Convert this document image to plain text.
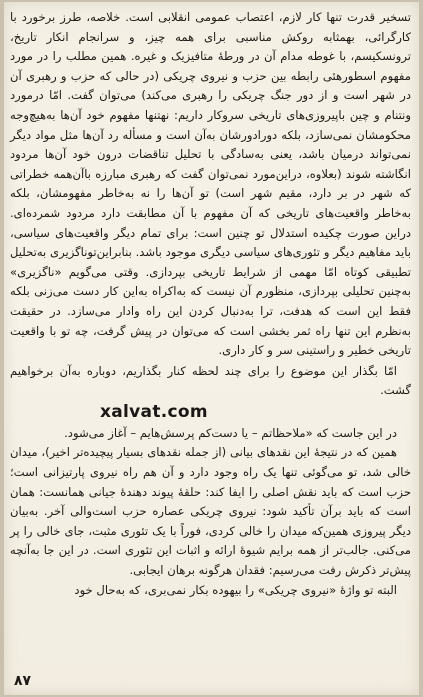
تسخیر قدرت تنها کار لازم، اعتصاب عمومی انقلابی است. خلاصه، طرز برخورد با کارگرائی، بهمثابه روکش مناسبی برای همه چیز، و سرانجام انکار تاریخ، ترونسکیسم، با غوطه مدام آن در ورطهٔ متافیزیک و غیره. همین مطلب را در مورد مفهوم اسطورهئی رابطه بین حزب و نیروی چریکی (در حالی که حزب و رهبری آن در شهر است و از دور جنگ چریکی را رهبری می‌کند) می‌توان گفت. امّا درمورد ونتنام و چین باپیروزی‌های تاریخی سروکار داریم: نهتنها مفهوم خود آن‌ها به‌هیچ‌وجه محکومشان نمی‌سازد، بلکه دورادورشان به‌آن است و مسأله رد آن‌ها مثل مواد دیگر نمی‌تواند درمیان باشد، یعنی به‌سادگی با تحلیل تناقضات درون خود آن‌ها مردود انگاشته شوند (بعلاوه، دراین‌مورد نمی‌توان گفت که رهبری مبارزه باآن‌همه خطراتی که شهر در بر دارد، مقیم شهر است) تو آن‌ها را نه به‌خاطر مفهومشان، بلکه به‌خاطر واقعیت‌های تاریخی که آن مفهوم با آن مطابقت دارد مردود شمرده‌ای. دراین صورت چکیده استدلال تو چنین است: برای تمام دیگر واقعیت‌های سیاسی، باید مفاهیم دیگر و تئوری‌های سیاسی دیگری موجود باشد. بنابراین‌تونا‌گزیری به‌تحلیل تطبیقی کوتاه امّا مهمی از شرایط تاریخی بپردازی. وقتی می‌گویم «ناگزیری» به‌چنین تحلیلی بپردازی، منظورم آن نیست که به‌اکراه به‌این کار دست می‌زنی بلکه فقط این است که هدفت، ترا به‌دنبال کردن این راه وادار می‌سازد. در حقیقت به‌نظرم این تنها راه ثمر بخشی است که می‌توان در پیش گرفت، چه تو با واقعیت تاریخی خطیر و راستینی سر و کار داری.

امّا بگذار این موضوع را برای چند لحظه کنار بگذاریم، دوباره به‌آن برخواهیم گشت.

xalvat.com

در این جاست که «ملاحظاتم – یا دست‌کم پرسش‌هایم – آغاز می‌شود.

همین که در نتیجهٔ این نقدهای بیانی (از جمله نقدهای بسیار پیچیده‌تر اخیر)، میدان خالی شد، تو می‌گوئی تنها یک راه وجود دارد و آن هم راه نیروی پارتیزانی است؛ حزب است که باید نقش اصلی را ایفا کند: حلقهٔ پیوند دهندهٔ جیانی همانست: همان است که باید برآن تأکید شود: نیروی چریکی عصاره حزب است‌والی آخر. به‌بیان دیگر پیروزی همین‌که میدان را خالی کردی، فوراً با یک تئوری مثبت، جای خالی را پر می‌کنی. جالب‌تر از همه برایم شیوهٔ ارائه و اثبات این تئوری است. در این جا به‌آنچه پیش‌تر ذکرش رفت می‌رسیم: فقدان هرگونه برهان ایجابی.

البته تو واژهٔ «نیروی چریکی» را بیهوده بکار نمی‌بری، که به‌حال خود

۸۷
